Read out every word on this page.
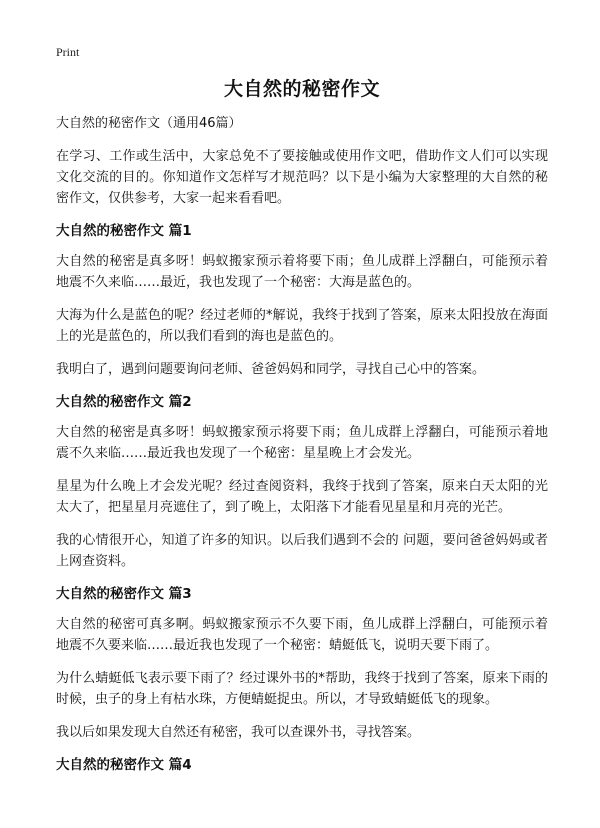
Print
大自然的秘密作文

大自然的秘密作文（通用46篇）

在学习、工作或生活中，大家总免不了要接触或使用作文吧，借助作文人们可以实现文化交流的目的。你知道作文怎样写才规范吗？以下是小编为大家整理的大自然的秘密作文，仅供参考，大家一起来看看吧。

大自然的秘密作文 篇1

大自然的秘密是真多呀！蚂蚁搬家预示着将要下雨；鱼儿成群上浮翻白，可能预示着地震不久来临……最近，我也发现了一个秘密：大海是蓝色的。

大海为什么是蓝色的呢？经过老师的*解说，我终于找到了答案，原来太阳投放在海面上的光是蓝色的，所以我们看到的海也是蓝色的。

我明白了，遇到问题要询问老师、爸爸妈妈和同学，寻找自己心中的答案。

大自然的秘密作文 篇2

大自然的秘密是真多呀！蚂蚁搬家预示将要下雨；鱼儿成群上浮翻白，可能预示着地震不久来临……最近我也发现了一个秘密：星星晚上才会发光。

星星为什么晚上才会发光呢？经过查阅资料，我终于找到了答案，原来白天太阳的光太大了，把星星月亮遮住了，到了晚上，太阳落下才能看见星星和月亮的光芒。

我的心情很开心，知道了许多的知识。以后我们遇到不会的 问题，要问爸爸妈妈或者上网查资料。

大自然的秘密作文 篇3

大自然的秘密可真多啊。蚂蚁搬家预示不久要下雨，鱼儿成群上浮翻白，可能预示着地震不久要来临……最近我也发现了一个秘密：蜻蜓低飞，说明天要下雨了。

为什么蜻蜓低飞表示要下雨了？经过课外书的*帮助，我终于找到了答案，原来下雨的时候，虫子的身上有枯水珠，方便蜻蜓捉虫。所以，才导致蜻蜓低飞的现象。

我以后如果发现大自然还有秘密，我可以查课外书，寻找答案。

大自然的秘密作文 篇4
